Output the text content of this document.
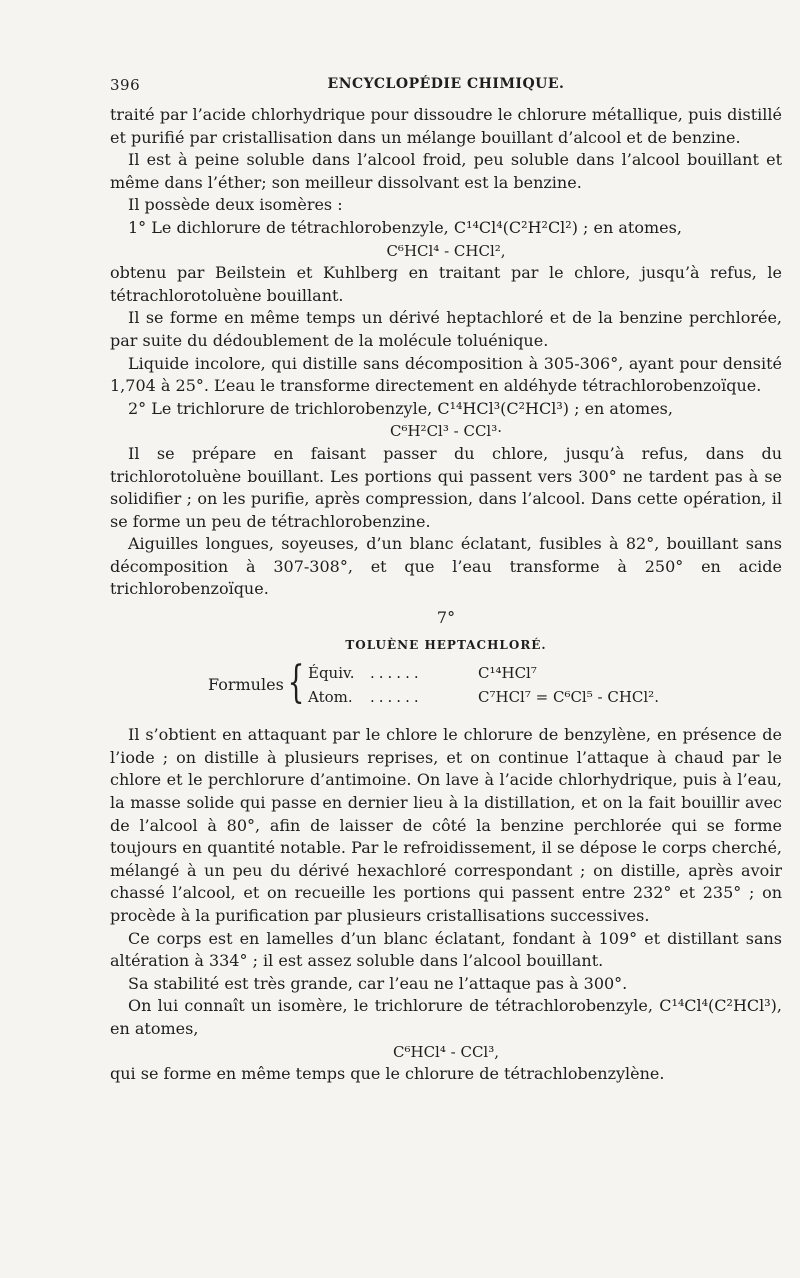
396	ENCYCLOPÉDIE CHIMIQUE.

traité par l’acide chlorhydrique pour dissoudre le chlorure métallique, puis distillé et purifié par cristallisation dans un mélange bouillant d’alcool et de benzine.

Il est à peine soluble dans l’alcool froid, peu soluble dans l’alcool bouillant et même dans l’éther; son meilleur dissolvant est la benzine.

Il possède deux isomères :

1° Le dichlorure de tétrachlorobenzyle, C¹⁴Cl⁴(C²H²Cl²) ; en atomes,

C⁶HCl⁴ - CHCl²,

obtenu par Beilstein et Kuhlberg en traitant par le chlore, jusqu’à refus, le tétrachlorotoluène bouillant.

Il se forme en même temps un dérivé heptachloré et de la benzine perchlorée, par suite du dédoublement de la molécule toluénique.

Liquide incolore, qui distille sans décomposition à 305-306°, ayant pour densité 1,704 à 25°. L’eau le transforme directement en aldéhyde tétrachlorobenzoïque.

2° Le trichlorure de trichlorobenzyle, C¹⁴HCl³(C²HCl³) ; en atomes,

C⁶H²Cl³ - CCl³·

Il se prépare en faisant passer du chlore, jusqu’à refus, dans du trichlorotoluène bouillant. Les portions qui passent vers 300° ne tardent pas à se solidifier ; on les purifie, après compression, dans l’alcool. Dans cette opération, il se forme un peu de tétrachlorobenzine.

Aiguilles longues, soyeuses, d’un blanc éclatant, fusibles à 82°, bouillant sans décomposition à 307-308°, et que l’eau transforme à 250° en acide trichlorobenzoïque.

7°

TOLUÈNE HEPTACHLORÉ.

Formules { Équiv. ......	C¹⁴HCl⁷
Atom. ......	C⁷HCl⁷ = C⁶Cl⁵ - CHCl².

Il s’obtient en attaquant par le chlore le chlorure de benzylène, en présence de l’iode ; on distille à plusieurs reprises, et on continue l’attaque à chaud par le chlore et le perchlorure d’antimoine. On lave à l’acide chlorhydrique, puis à l’eau, la masse solide qui passe en dernier lieu à la distillation, et on la fait bouillir avec de l’alcool à 80°, afin de laisser de côté la benzine perchlorée qui se forme toujours en quantité notable. Par le refroidissement, il se dépose le corps cherché, mélangé à un peu du dérivé hexachloré correspondant ; on distille, après avoir chassé l’alcool, et on recueille les portions qui passent entre 232° et 235° ; on procède à la purification par plusieurs cristallisations successives.

Ce corps est en lamelles d’un blanc éclatant, fondant à 109° et distillant sans altération à 334° ; il est assez soluble dans l’alcool bouillant.

Sa stabilité est très grande, car l’eau ne l’attaque pas à 300°.

On lui connaît un isomère, le trichlorure de tétrachlorobenzyle, C¹⁴Cl⁴(C²HCl³), en atomes,

C⁶HCl⁴ - CCl³,

qui se forme en même temps que le chlorure de tétrachlobenzylène.
